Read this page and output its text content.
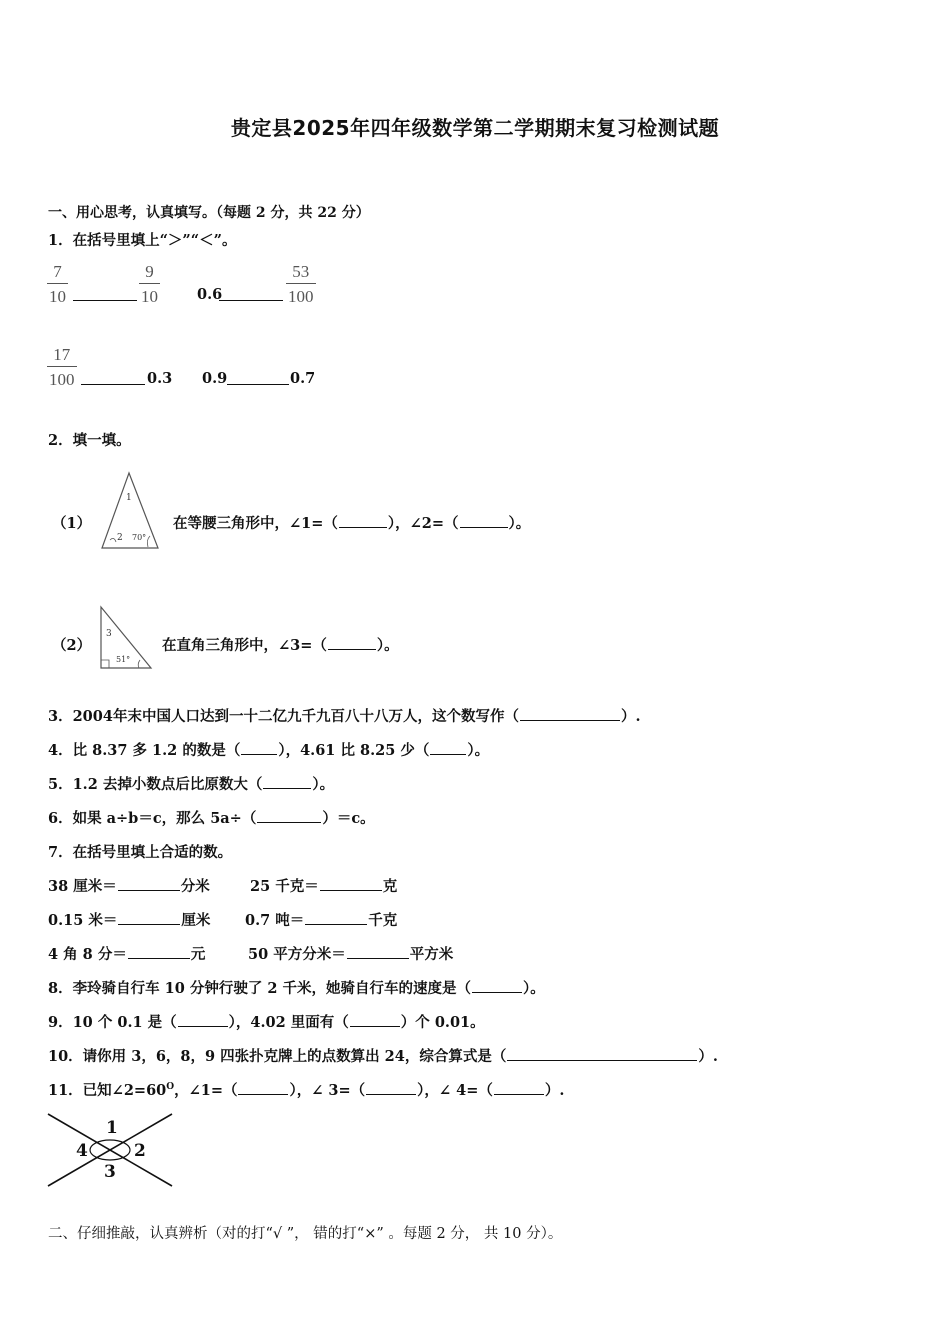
贵定县2025年四年级数学第二学期期末复习检测试题
一、用心思考，认真填写。（每题 2 分，共 22 分）
1．在括号里填上“＞”“＜”。
$\frac{7}{10}$	$\frac{9}{10}$	0.6	$\frac{53}{100}$
$\frac{17}{100}$	0.3 0.9	0.7
2．填一填。
（1）
1
2 70°
在等腰三角形中，∠1=（	），∠2=（	）。
（2）
3
51°
在直角三角形中，∠3=（	）。
3．2004年末中国人口达到一十二亿九千九百八十八万人，这个数写作（	）.
4．比 8.37 多 1.2 的数是（	），4.61 比 8.25 少（	）。
5．1.2 去掉小数点后比原数大（	）。
6．如果 a÷b＝c，那么 5a÷（	）＝c。
7．在括号里填上合适的数。
38 厘米＝	分米	25 千克＝	克
0.15 米＝	厘米 0.7 吨＝	千克
4 角 8 分＝	元	50 平方分米＝	平方米
8．李玲骑自行车 10 分钟行驶了 2 千米，她骑自行车的速度是（	）。
9．10 个 0.1 是（	），4.02 里面有（	）个 0.01。
10．请你用 3，6，8，9 四张扑克牌上的点数算出 24，综合算式是（	）.
11．已知$\angle 2=60^O$，∠1=（	），∠ 3=（	），∠ 4=（	）.
1
2
3
4
二、仔细推敲，认真辨析（对的打“√ ”， 错的打“×” 。每题 2 分， 共 10 分）。
